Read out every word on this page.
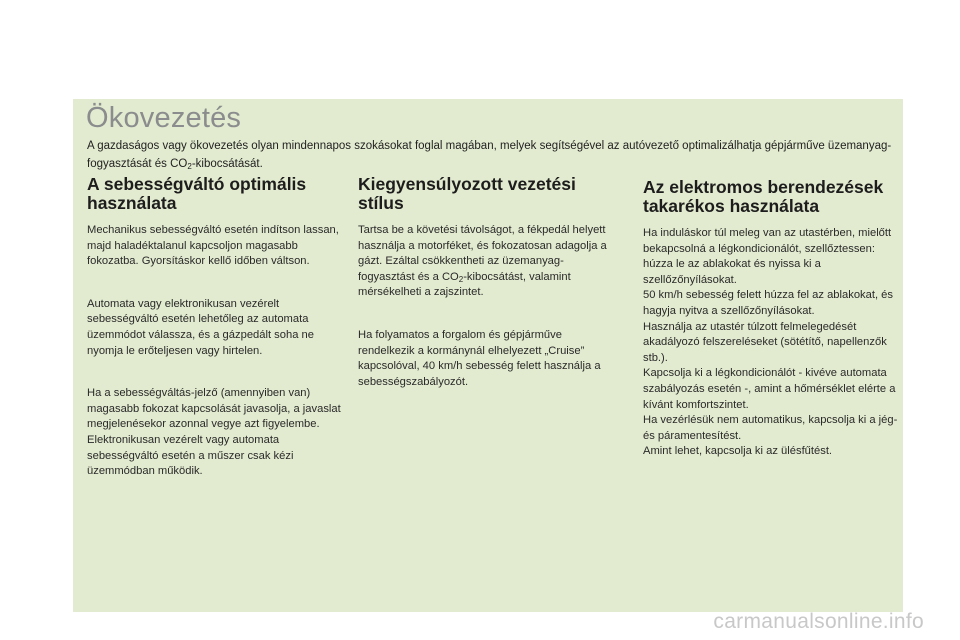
Ökovezetés
A gazdaságos vagy ökovezetés olyan mindennapos szokásokat foglal magában, melyek segítségével az autóvezető optimalizálhatja gépjárműve üzemanyag-fogyasztását és $CO_2$-kibocsátását.
A sebességváltó optimális használata

Mechanikus sebességváltó esetén indítson lassan, majd haladéktalanul kapcsoljon magasabb fokozatba. Gyorsításkor kellő időben váltson.

Automata vagy elektronikusan vezérelt sebességváltó esetén lehetőleg az automata üzemmódot válassza, és a gázpedált soha ne nyomja le erőteljesen vagy hirtelen.

Ha a sebességváltás-jelző (amennyiben van) magasabb fokozat kapcsolását javasolja, a javaslat megjelenésekor azonnal vegye azt figyelembe.
Elektronikusan vezérelt vagy automata sebességváltó esetén a műszer csak kézi üzemmódban működik.

Kiegyensúlyozott vezetési stílus

Tartsa be a követési távolságot, a fékpedál helyett használja a motorféket, és fokozatosan adagolja a gázt. Ezáltal csökkentheti az üzemanyag-fogyasztást és a $CO_2$-kibocsátást, valamint mérsékelheti a zajszintet.

Ha folyamatos a forgalom és gépjárműve rendelkezik a kormánynál elhelyezett „Cruise” kapcsolóval, 40 km/h sebesség felett használja a sebességszabályozót.

Az elektromos berendezések takarékos használata

Ha induláskor túl meleg van az utastérben, mielőtt bekapcsolná a légkondicionálót, szellőztessen: húzza le az ablakokat és nyissa ki a szellőzőnyílásokat.
50 km/h sebesség felett húzza fel az ablakokat, és hagyja nyitva a szellőzőnyílásokat.
Használja az utastér túlzott felmelegedését akadályozó felszereléseket (sötétítő, napellenzők stb.).
Kapcsolja ki a légkondicionálót - kivéve automata szabályozás esetén -, amint a hőmérséklet elérte a kívánt komfortszintet.
Ha vezérlésük nem automatikus, kapcsolja ki a jég- és páramentesítést.
Amint lehet, kapcsolja ki az ülésfűtést.

carmanualsonline.info
